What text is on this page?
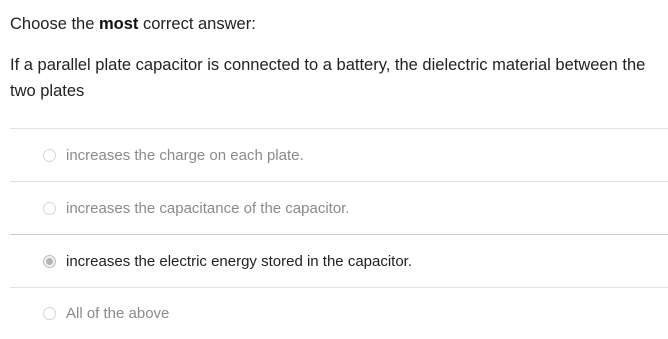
Choose the most correct answer:
If a parallel plate capacitor is connected to a battery, the dielectric material between the two plates
increases the charge on each plate.
increases the capacitance of the capacitor.
increases the electric energy stored in the capacitor.
All of the above
